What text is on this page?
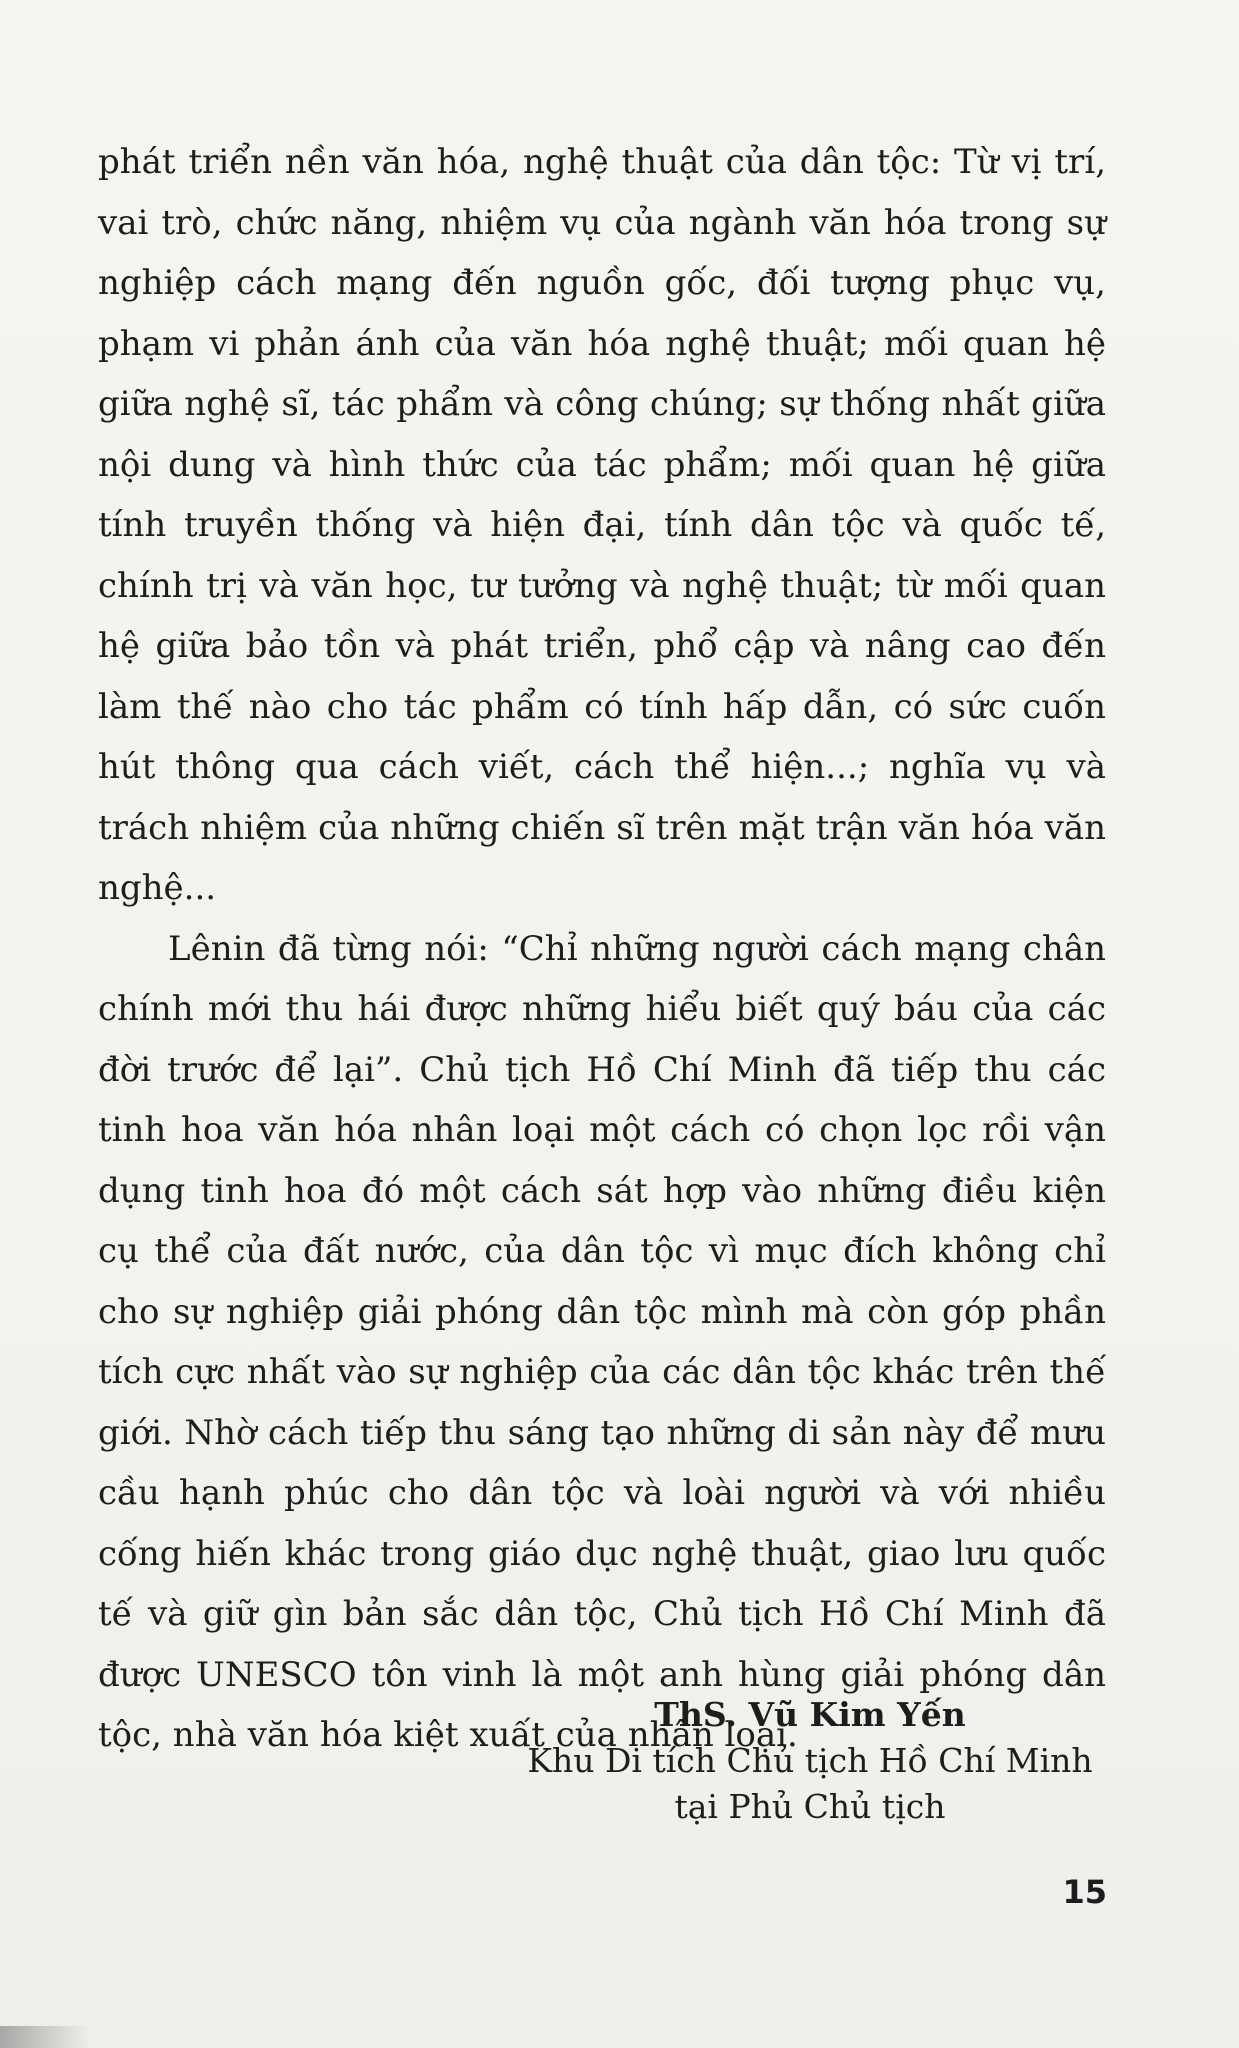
phát triển nền văn hóa, nghệ thuật của dân tộc: Từ vị trí, vai trò, chức năng, nhiệm vụ của ngành văn hóa trong sự nghiệp cách mạng đến nguồn gốc, đối tượng phục vụ, phạm vi phản ánh của văn hóa nghệ thuật; mối quan hệ giữa nghệ sĩ, tác phẩm và công chúng; sự thống nhất giữa nội dung và hình thức của tác phẩm; mối quan hệ giữa tính truyền thống và hiện đại, tính dân tộc và quốc tế, chính trị và văn học, tư tưởng và nghệ thuật; từ mối quan hệ giữa bảo tồn và phát triển, phổ cập và nâng cao đến làm thế nào cho tác phẩm có tính hấp dẫn, có sức cuốn hút thông qua cách viết, cách thể hiện...; nghĩa vụ và trách nhiệm của những chiến sĩ trên mặt trận văn hóa văn nghệ...

Lênin đã từng nói: “Chỉ những người cách mạng chân chính mới thu hái được những hiểu biết quý báu của các đời trước để lại”. Chủ tịch Hồ Chí Minh đã tiếp thu các tinh hoa văn hóa nhân loại một cách có chọn lọc rồi vận dụng tinh hoa đó một cách sát hợp vào những điều kiện cụ thể của đất nước, của dân tộc vì mục đích không chỉ cho sự nghiệp giải phóng dân tộc mình mà còn góp phần tích cực nhất vào sự nghiệp của các dân tộc khác trên thế giới. Nhờ cách tiếp thu sáng tạo những di sản này để mưu cầu hạnh phúc cho dân tộc và loài người và với nhiều cống hiến khác trong giáo dục nghệ thuật, giao lưu quốc tế và giữ gìn bản sắc dân tộc, Chủ tịch Hồ Chí Minh đã được UNESCO tôn vinh là một anh hùng giải phóng dân tộc, nhà văn hóa kiệt xuất của nhân loại.

ThS. Vũ Kim Yến

Khu Di tích Chủ tịch Hồ Chí Minh

tại Phủ Chủ tịch

15
